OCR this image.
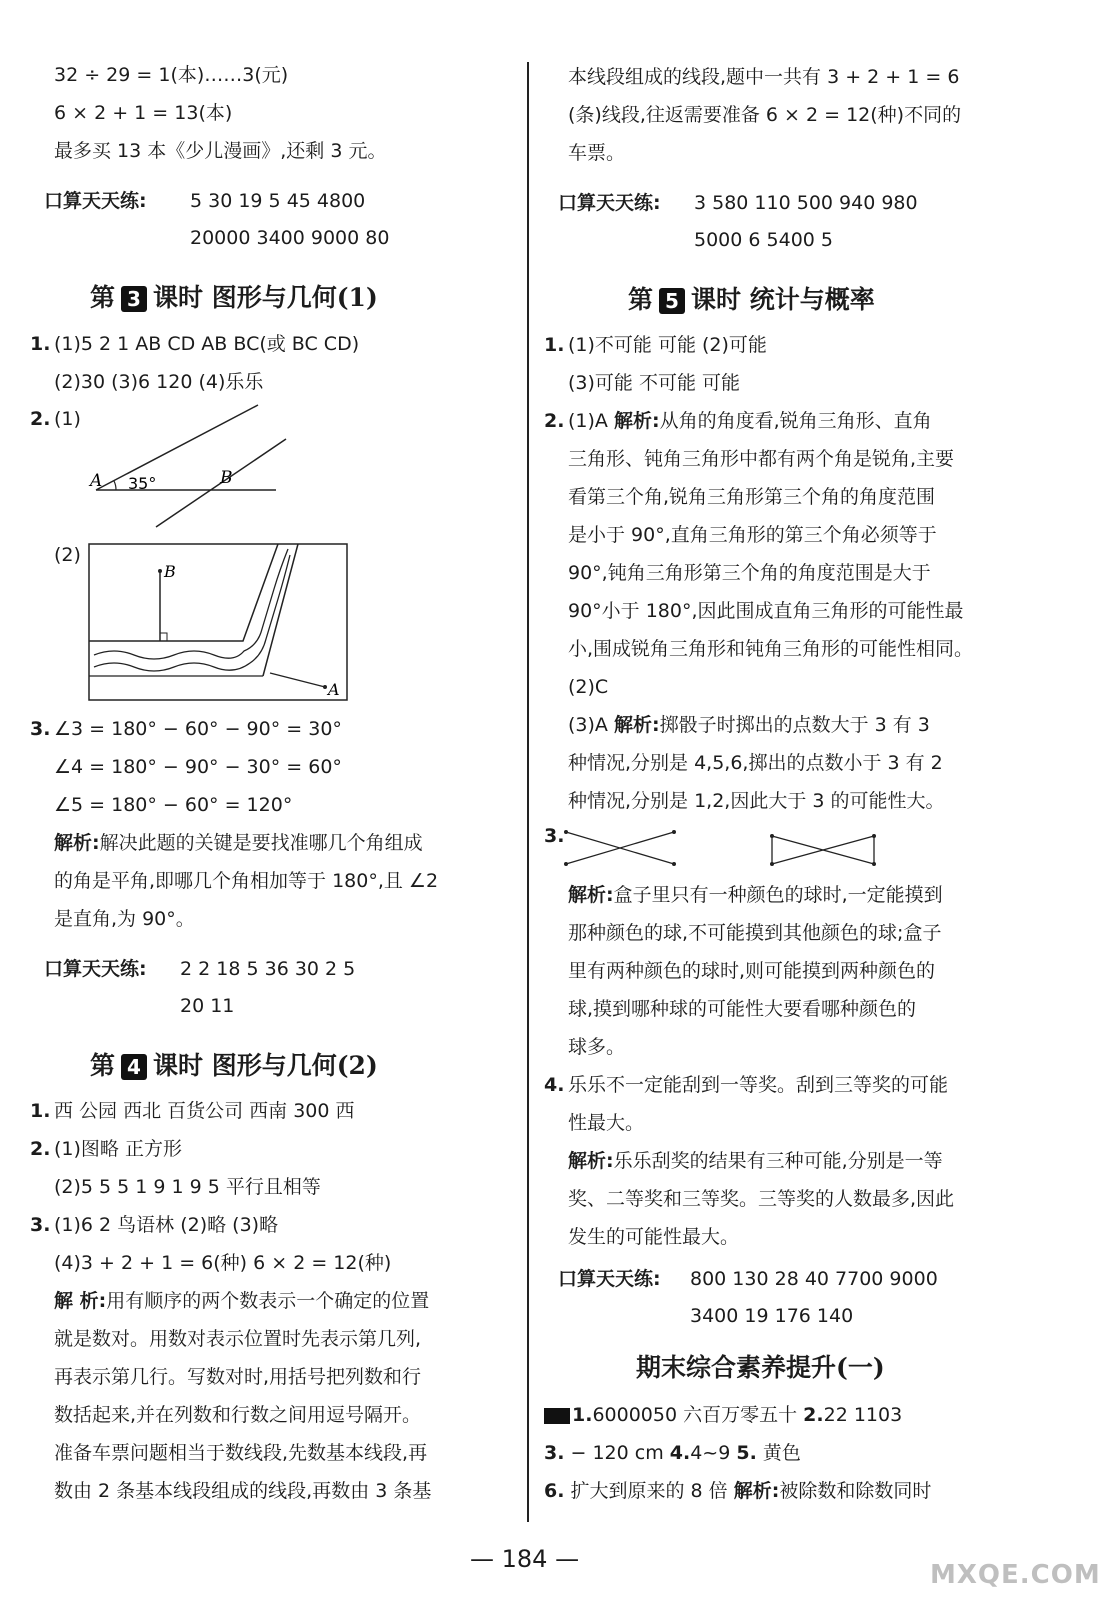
32 ÷ 29 = 1(本)……3(元)
6 × 2 + 1 = 13(本)
最多买 13 本《少儿漫画》,还剩 3 元。
口算天天练: 5 30 19 5 45 4800
20000 3400 9000 80
第 3 课时 图形与几何(1)
1. (1)5 2 1 AB CD AB BC(或 BC CD)
(2)30 (3)6 120 (4)乐乐
2. (1)
A 35°	B
(2)
B
A
3. ∠3 = 180° − 60° − 90° = 30°
∠4 = 180° − 90° − 30° = 60°
∠5 = 180° − 60° = 120°
解析:解决此题的关键是要找准哪几个角组成
的角是平角,即哪几个角相加等于 180°,且 ∠2
是直角,为 90°。
口算天天练: 2 2 18 5 36 30 2 5
20 11
第 4 课时 图形与几何(2)
1. 西 公园 西北 百货公司 西南 300 西
2. (1)图略 正方形
(2)5 5 5 1 9 1 9 5 平行且相等
3. (1)6 2 鸟语林 (2)略 (3)略
(4)3 + 2 + 1 = 6(种) 6 × 2 = 12(种)
解 析:用有顺序的两个数表示一个确定的位置
就是数对。用数对表示位置时先表示第几列,
再表示第几行。写数对时,用括号把列数和行
数括起来,并在列数和行数之间用逗号隔开。
准备车票问题相当于数线段,先数基本线段,再
数由 2 条基本线段组成的线段,再数由 3 条基
本线段组成的线段,题中一共有 3 + 2 + 1 = 6
(条)线段,往返需要准备 6 × 2 = 12(种)不同的
车票。
口算天天练: 3 580 110 500 940 980
5000 6 5400 5
第 5 课时 统计与概率
1. (1)不可能 可能 (2)可能
(3)可能 不可能 可能
2. (1)A 解析:从角的角度看,锐角三角形、直角
三角形、钝角三角形中都有两个角是锐角,主要
看第三个角,锐角三角形第三个角的角度范围
是小于 90°,直角三角形的第三个角必须等于
90°,钝角三角形第三个角的角度范围是大于
90°小于 180°,因此围成直角三角形的可能性最
小,围成锐角三角形和钝角三角形的可能性相同。
(2)C
(3)A 解析:掷骰子时掷出的点数大于 3 有 3
种情况,分别是 4,5,6,掷出的点数小于 3 有 2
种情况,分别是 1,2,因此大于 3 的可能性大。
3.
解析:盒子里只有一种颜色的球时,一定能摸到
那种颜色的球,不可能摸到其他颜色的球;盒子
里有两种颜色的球时,则可能摸到两种颜色的
球,摸到哪种球的可能性大要看哪种颜色的
球多。
4. 乐乐不一定能刮到一等奖。刮到三等奖的可能
性最大。
解析:乐乐刮奖的结果有三种可能,分别是一等
奖、二等奖和三等奖。三等奖的人数最多,因此
发生的可能性最大。
口算天天练: 800 130 28 40 7700 9000
3400 19 176 140
期末综合素养提升(一)
1.6000050 六百万零五十 2.22 1103
3. − 120 cm 4.4~9 5. 黄色
6. 扩大到原来的 8 倍 解析:被除数和除数同时
— 184 —
MXQE.COM
